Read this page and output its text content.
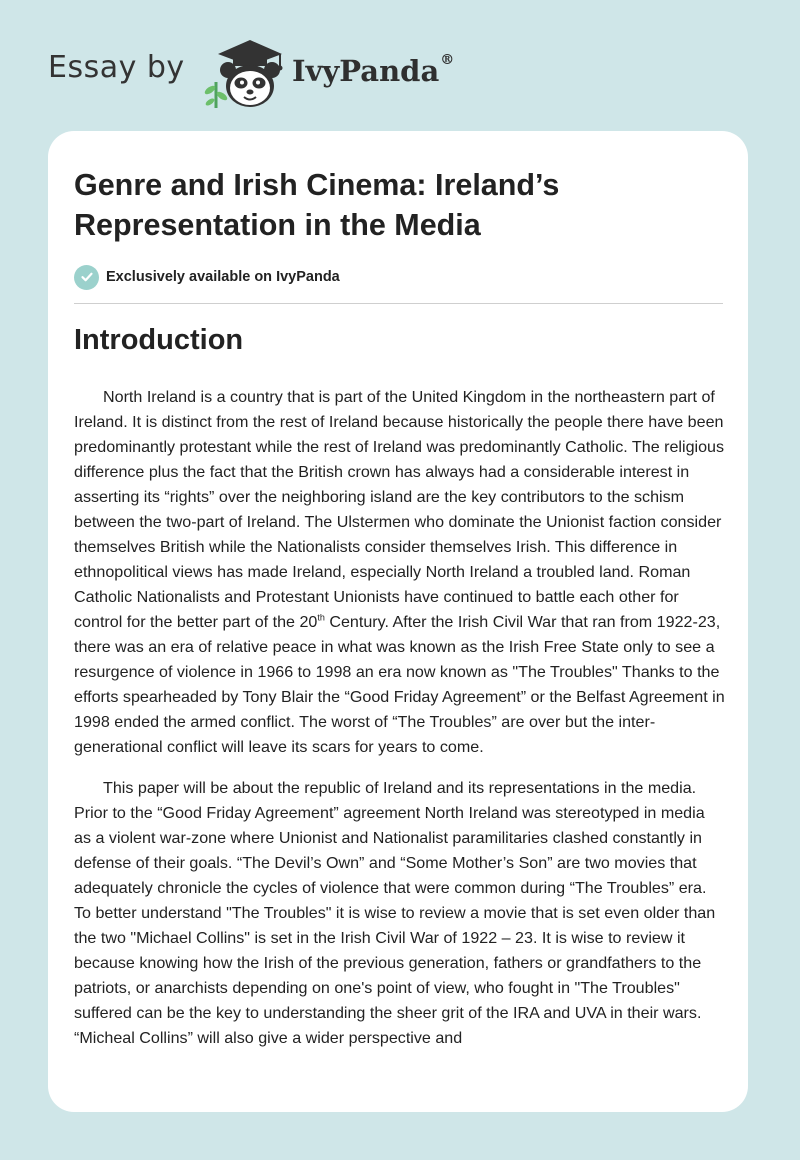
Essay by	IvyPanda®
Genre and Irish Cinema: Ireland’s Representation in the Media
Exclusively available on IvyPanda
Introduction

North Ireland is a country that is part of the United Kingdom in the northeastern part of Ireland. It is distinct from the rest of Ireland because historically the people there have been predominantly protestant while the rest of Ireland was predominantly Catholic. The religious difference plus the fact that the British crown has always had a considerable interest in asserting its “rights” over the neighboring island are the key contributors to the schism between the two-part of Ireland. The Ulstermen who dominate the Unionist faction consider themselves British while the Nationalists consider themselves Irish. This difference in ethnopolitical views has made Ireland, especially North Ireland a troubled land. Roman Catholic Nationalists and Protestant Unionists have continued to battle each other for control for the better part of the 20th Century. After the Irish Civil War that ran from 1922-23, there was an era of relative peace in what was known as the Irish Free State only to see a resurgence of violence in 1966 to 1998 an era now known as "The Troubles" Thanks to the efforts spearheaded by Tony Blair the “Good Friday Agreement” or the Belfast Agreement in 1998 ended the armed conflict. The worst of “The Troubles” are over but the inter-generational conflict will leave its scars for years to come.

This paper will be about the republic of Ireland and its representations in the media. Prior to the “Good Friday Agreement” agreement North Ireland was stereotyped in media as a violent war-zone where Unionist and Nationalist paramilitaries clashed constantly in defense of their goals. “The Devil’s Own” and “Some Mother’s Son” are two movies that adequately chronicle the cycles of violence that were common during “The Troubles” era. To better understand "The Troubles" it is wise to review a movie that is set even older than the two "Michael Collins" is set in the Irish Civil War of 1922 – 23. It is wise to review it because knowing how the Irish of the previous generation, fathers or grandfathers to the patriots, or anarchists depending on one's point of view, who fought in "The Troubles" suffered can be the key to understanding the sheer grit of the IRA and UVA in their wars. “Micheal Collins” will also give a wider perspective and
